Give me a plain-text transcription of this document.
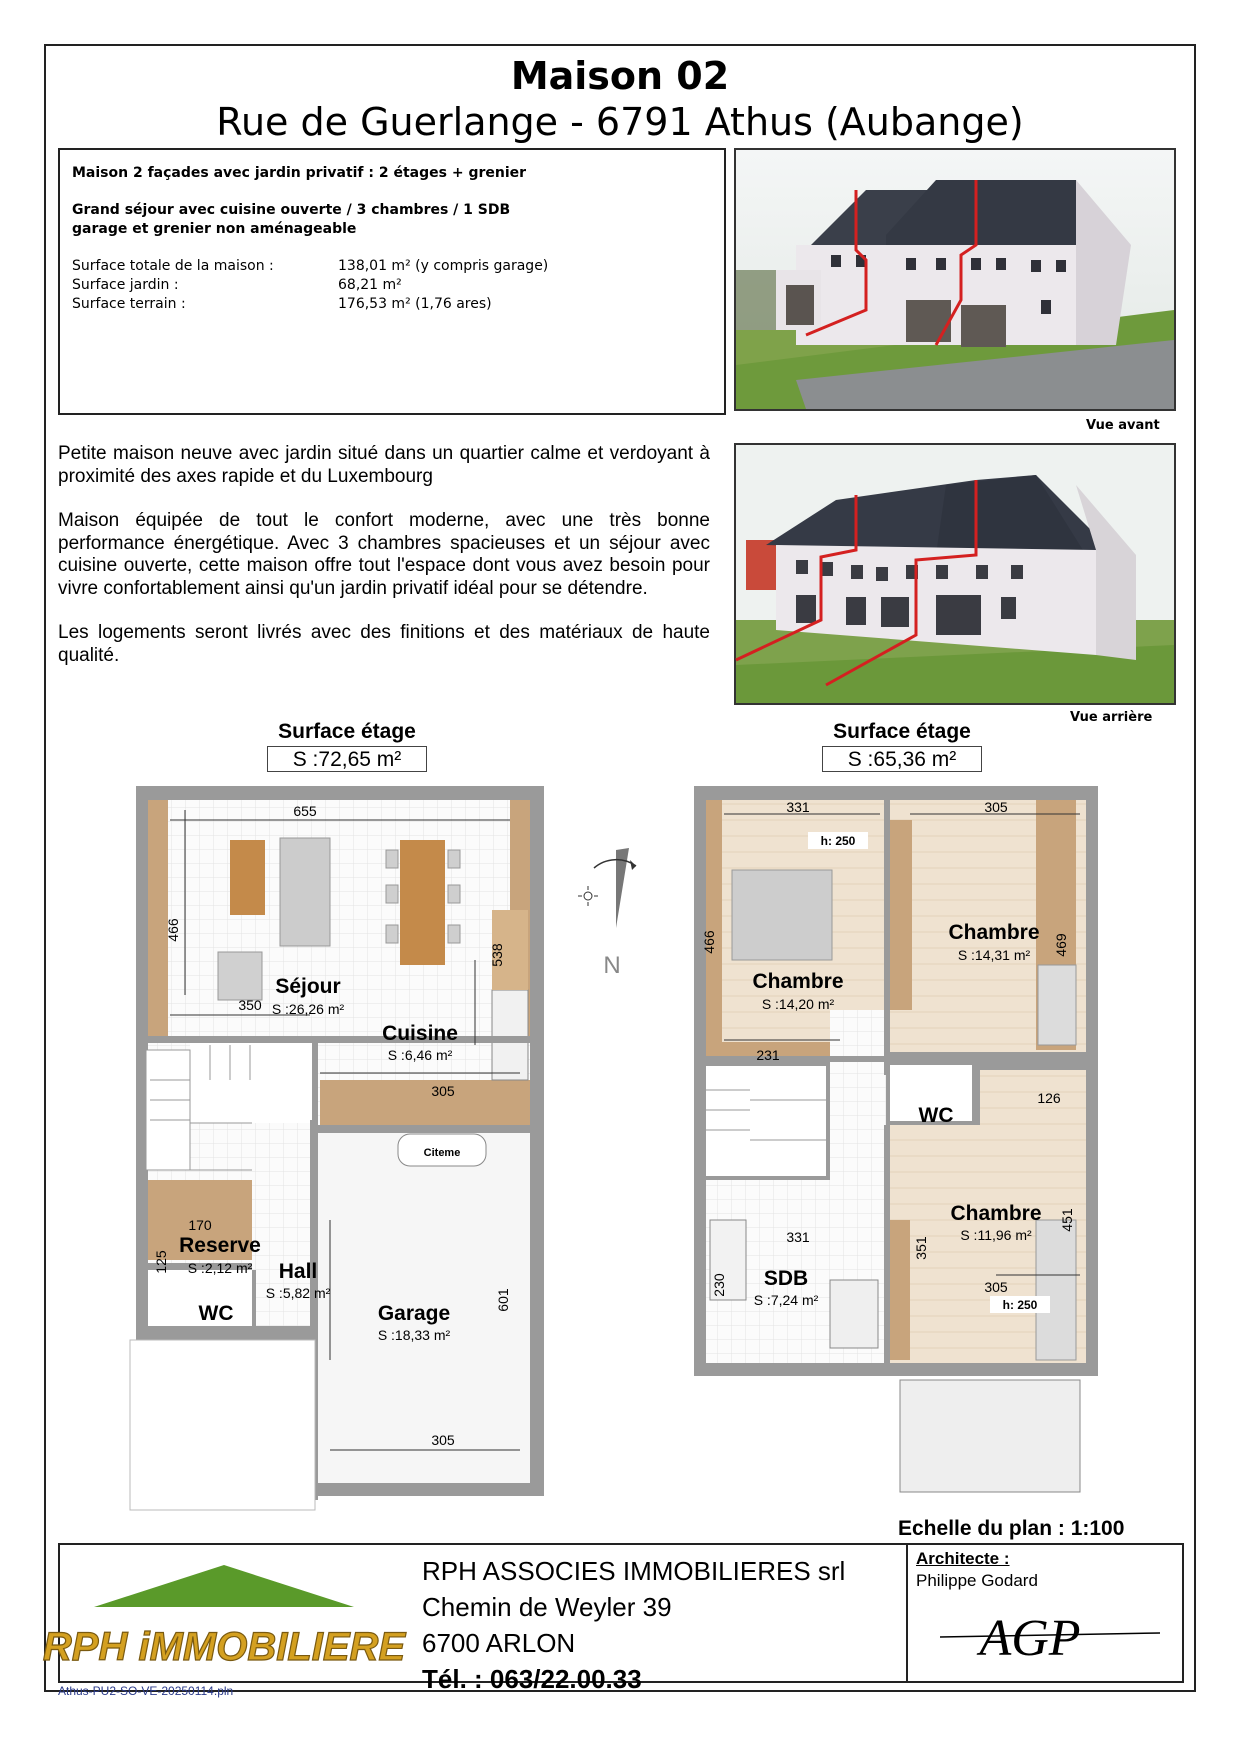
Maison 02
Rue de Guerlange - 6791 Athus (Aubange)
Maison 2 façades avec jardin privatif : 2 étages + grenier
Grand séjour avec cuisine ouverte / 3 chambres / 1 SDB
garage et grenier non aménageable
Surface totale de la maison :	138,01 m² (y compris garage)
Surface jardin :	68,21 m²
Surface terrain :	176,53 m² (1,76 ares)
Vue avant
Vue arrière

Petite maison neuve avec jardin situé dans un quartier calme et verdoyant à proximité des axes rapide et du Luxembourg

Maison équipée de tout le confort moderne, avec une très bonne performance énergétique. Avec 3 chambres spacieuses et un séjour avec cuisine ouverte, cette maison offre tout l'espace dont vous avez besoin pour vivre confortablement ainsi qu'un jardin privatif idéal pour se détendre.

Les logements seront livrés avec des finitions et des matériaux de haute qualité.

Surface étage
S :72,65 m²
Surface étage
S :65,36 m²
Citeme
655
466
350
538
305
170
125
601
305
Séjour
S :26,26 m²
Cuisine
S :6,46 m²
Reserve
S :2,12 m² Hall
S :5,82 m²
WC	Garage
S :18,33 m²
N
331	305
h: 250
466
231
469
126
451
351
305
331
230
h: 250
Chambre
S :14,20 m²
Chambre
S :14,31 m²
WC
Chambre
S :11,96 m²
SDB
S :7,24 m²
Echelle du plan : 1:100
RPH iMMOBILIERE
RPH ASSOCIES IMMOBILIERES srl
Chemin de Weyler 39
6700 ARLON
Tél. : 063/22.00.33
Architecte :
Philippe Godard
AGP
Athus-PU2-SO-VE-20250114.pln
